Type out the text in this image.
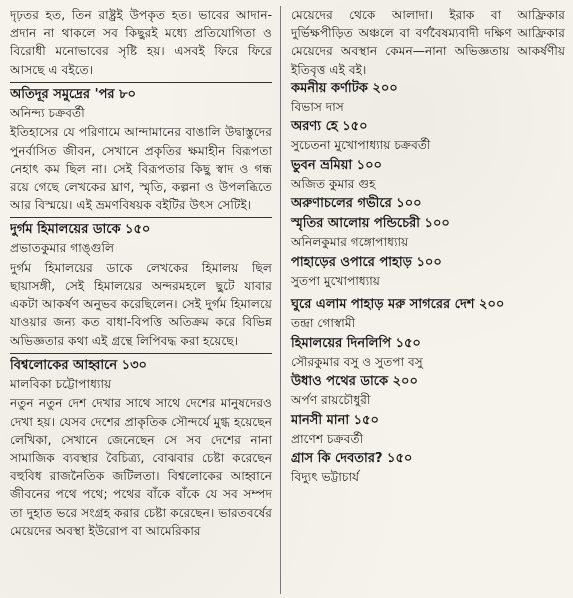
দৃঢ়তর হত, তিন রাষ্ট্রই উপকৃত হত। ভাবের আদান-প্রদান না থাকলে সব কিছুরই মধ্যে প্রতিযোগিতা ও বিরোধী মনোভাবের সৃষ্টি হয়। এসবই ফিরে ফিরে আসছে এ বইতে।

অতিদূর সমুদ্রের 'পর ৮০
অনিন্দ্য চক্রবর্তী

ইতিহাসের যে পরিণামে আন্দামানের বাঙালি উদ্বাস্তুদের পুনর্বাসিত জীবন, সেখানে প্রকৃতির ক্ষমাহীন বিরূপতা নেহাৎ কম ছিল না। সেই বিরূপতার কিছু স্বাদ ও গন্ধ রয়ে গেছে লেখকের ঘ্রাণ, স্মৃতি, কল্পনা ও উপলব্ধিতে আর বিস্ময়ে। এই ভ্রমণবিষয়ক বইটির উৎস সেটিই।

দুর্গম হিমালয়ের ডাকে ১৫০
প্রভাতকুমার গাঙ্গুলি

দুর্গম হিমালয়ের ডাকে লেখকের হিমালয় ছিল ছায়াসঙ্গী, সেই হিমালয়ের অন্দরমহলে ছুটে যাবার একটা আকর্ষণ অনুভব করেছিলেন। সেই দুর্গম হিমালয়ে যাওয়ার জন্য কত বাধা-বিপত্তি অতিক্রম করে বিভিন্ন অভিজ্ঞতার কথা এই গ্রন্থে লিপিবদ্ধ করা হয়েছে।

বিশ্বলোকের আহ্বানে ১৩০
মালবিকা চট্টোপাধ্যায়

নতুন নতুন দেশ দেখার সাথে সাথে দেশের মানুষদেরও দেখা হয়। যেসব দেশের প্রাকৃতিক সৌন্দর্যে মুগ্ধ হয়েছেন লেখিকা, সেখানে জেনেছেন সে সব দেশের নানা সামাজিক ব্যবস্থার বৈচিত্র্য, বোঝবার চেষ্টা করেছেন বহুবিধ রাজনৈতিক জটিলতা। বিশ্বলোকের আহ্বানে জীবনের পথে পথে; পথের বাঁকে বাঁকে যে সব সম্পদ তা দুহাত ভরে সংগ্রহ করার চেষ্টা করেছেন। ভারতবর্ষের মেয়েদের অবস্থা ইউরোপ বা আমেরিকার

মেয়েদের থেকে আলাদা। ইরাক বা আফ্রিকার দুর্ভিক্ষপীড়িত অঞ্চলে বা বর্ণবৈষম্যবাদী দক্ষিণ আফ্রিকার মেয়েদের অবস্থান কেমন—নানা অভিজ্ঞতায় আকর্ষণীয় ইতিবৃত্ত এই বই।

কমনীয় কর্ণাটক ২০০
বিভাস দাস
অরণ্য হে ১৫০
সুচেতনা মুখোপাধ্যায় চক্রবর্তী
ভুবন ভ্রমিয়া ১০০
অজিত কুমার গুহ
অরুণাচলের গভীরে ১০০
স্মৃতির আলোয় পন্ডিচেরী ১০০
অনিলকুমার গঙ্গোপাধ্যায়
পাহাড়ের ওপারে পাহাড় ১০০
সুতপা মুখোপাধ্যায়
ঘুরে এলাম পাহাড় মরু সাগরের দেশ ২০০
তন্দ্রা গোস্বামী
হিমালয়ের দিনলিপি ১৫০
সৌরকুমার বসু ও সুতপা বসু
উধাও পথের ডাকে ২০০
অর্পণ রায়চৌধুরী
মানসী মানা ১৫০
প্রাণেশ চক্রবর্তী
গ্রাস কি দেবতার? ১৫০
বিদ্যুৎ ভট্টাচার্য
